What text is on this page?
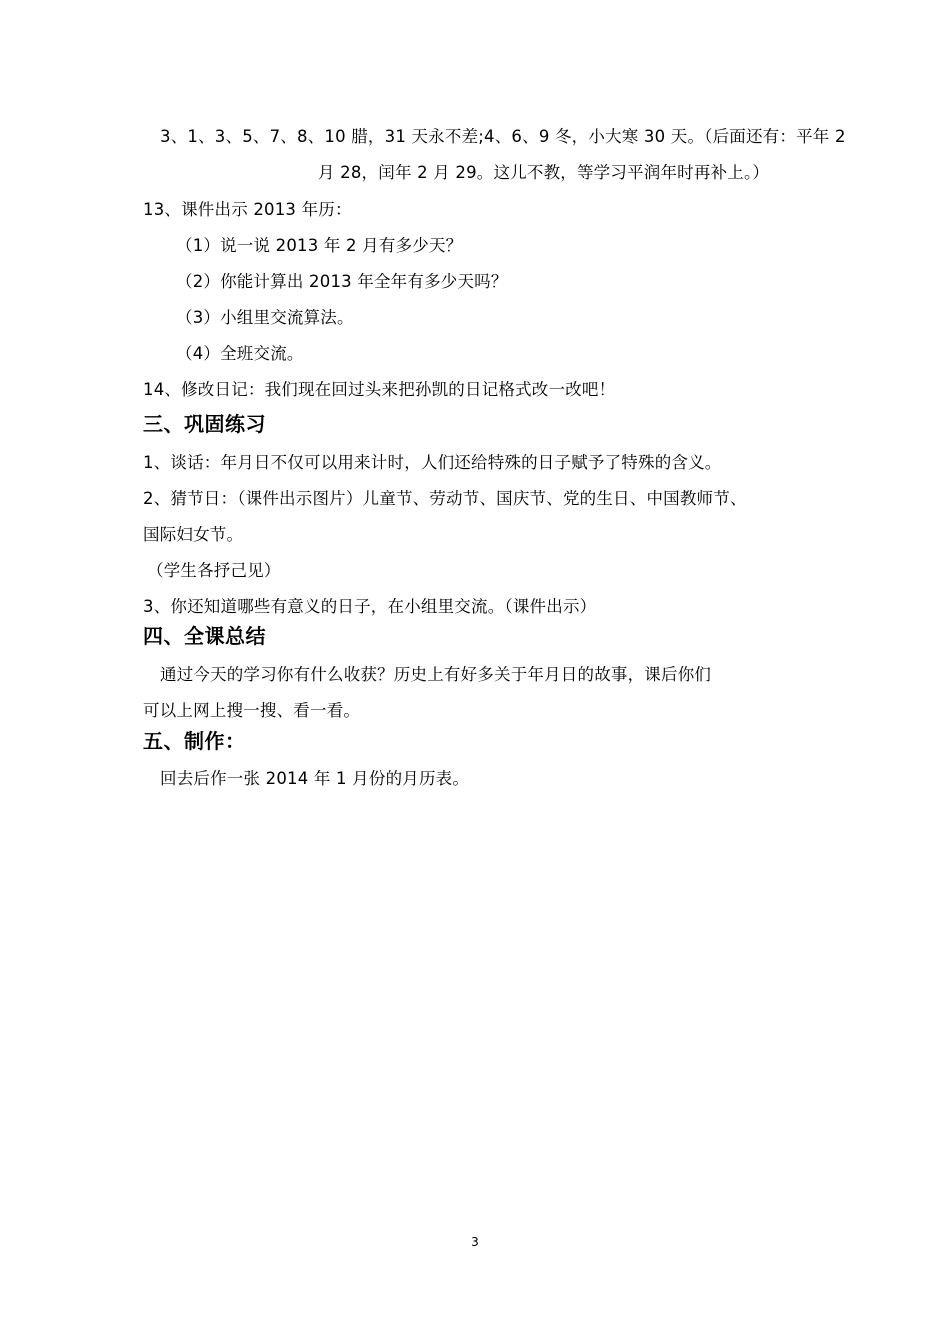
3、1、3、5、7、8、10 腊，31 天永不差;4、6、9 冬，小大寒 30 天。（后面还有：平年 2
月 28，闰年 2 月 29。这儿不教，等学习平润年时再补上。）
13、课件出示 2013 年历：
（1）说一说 2013 年 2 月有多少天？
（2）你能计算出 2013 年全年有多少天吗？
（3）小组里交流算法。
（4）全班交流。
14、修改日记：我们现在回过头来把孙凯的日记格式改一改吧！
三、巩固练习
1、谈话：年月日不仅可以用来计时，人们还给特殊的日子赋予了特殊的含义。
2、猜节日：（课件出示图片）儿童节、劳动节、国庆节、党的生日、中国教师节、
国际妇女节。
（学生各抒己见）
3、你还知道哪些有意义的日子，在小组里交流。（课件出示）
四、全课总结
通过今天的学习你有什么收获？历史上有好多关于年月日的故事，课后你们
可以上网上搜一搜、看一看。
五、制作：
回去后作一张 2014 年 1 月份的月历表。
3
